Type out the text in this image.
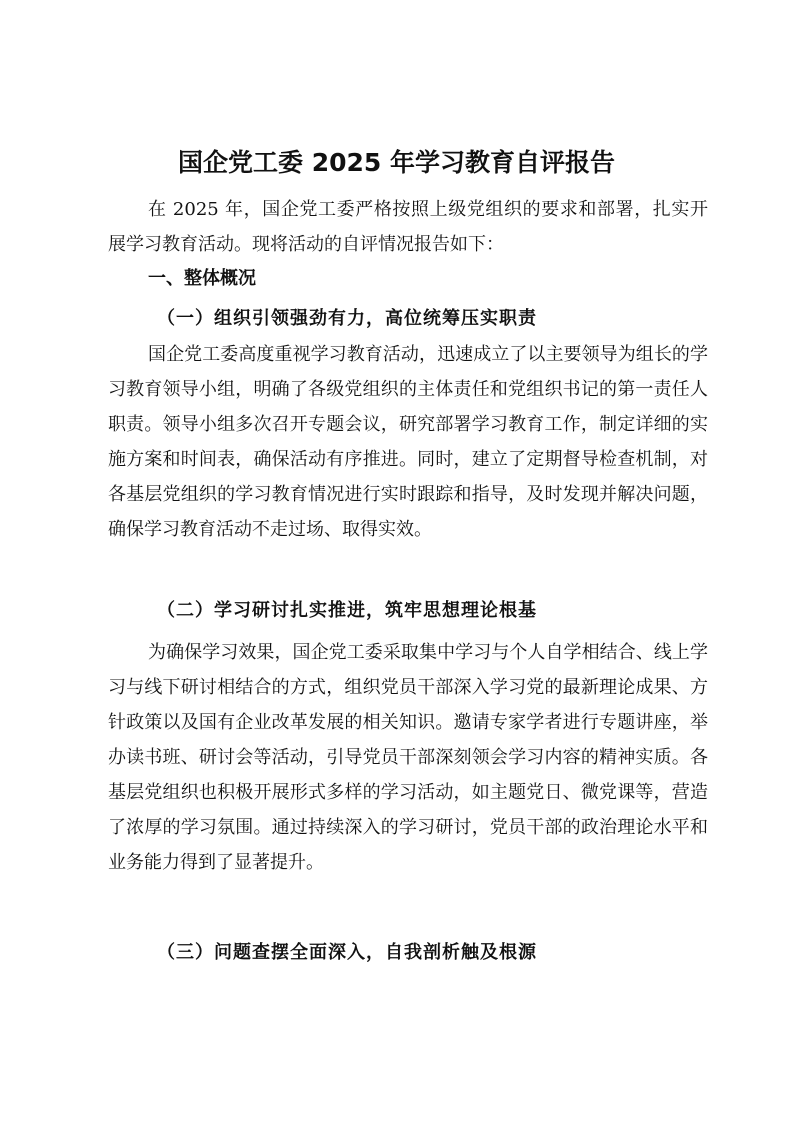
国企党工委 2025 年学习教育自评报告

在 2025 年，国企党工委严格按照上级党组织的要求和部署，扎实开展学习教育活动。现将活动的自评情况报告如下：

一、整体概况
（一）组织引领强劲有力，高位统筹压实职责

国企党工委高度重视学习教育活动，迅速成立了以主要领导为组长的学习教育领导小组，明确了各级党组织的主体责任和党组织书记的第一责任人职责。领导小组多次召开专题会议，研究部署学习教育工作，制定详细的实施方案和时间表，确保活动有序推进。同时，建立了定期督导检查机制，对各基层党组织的学习教育情况进行实时跟踪和指导，及时发现并解决问题，确保学习教育活动不走过场、取得实效。

（二）学习研讨扎实推进，筑牢思想理论根基

为确保学习效果，国企党工委采取集中学习与个人自学相结合、线上学习与线下研讨相结合的方式，组织党员干部深入学习党的最新理论成果、方针政策以及国有企业改革发展的相关知识。邀请专家学者进行专题讲座，举办读书班、研讨会等活动，引导党员干部深刻领会学习内容的精神实质。各基层党组织也积极开展形式多样的学习活动，如主题党日、微党课等，营造了浓厚的学习氛围。通过持续深入的学习研讨，党员干部的政治理论水平和业务能力得到了显著提升。

（三）问题查摆全面深入，自我剖析触及根源
